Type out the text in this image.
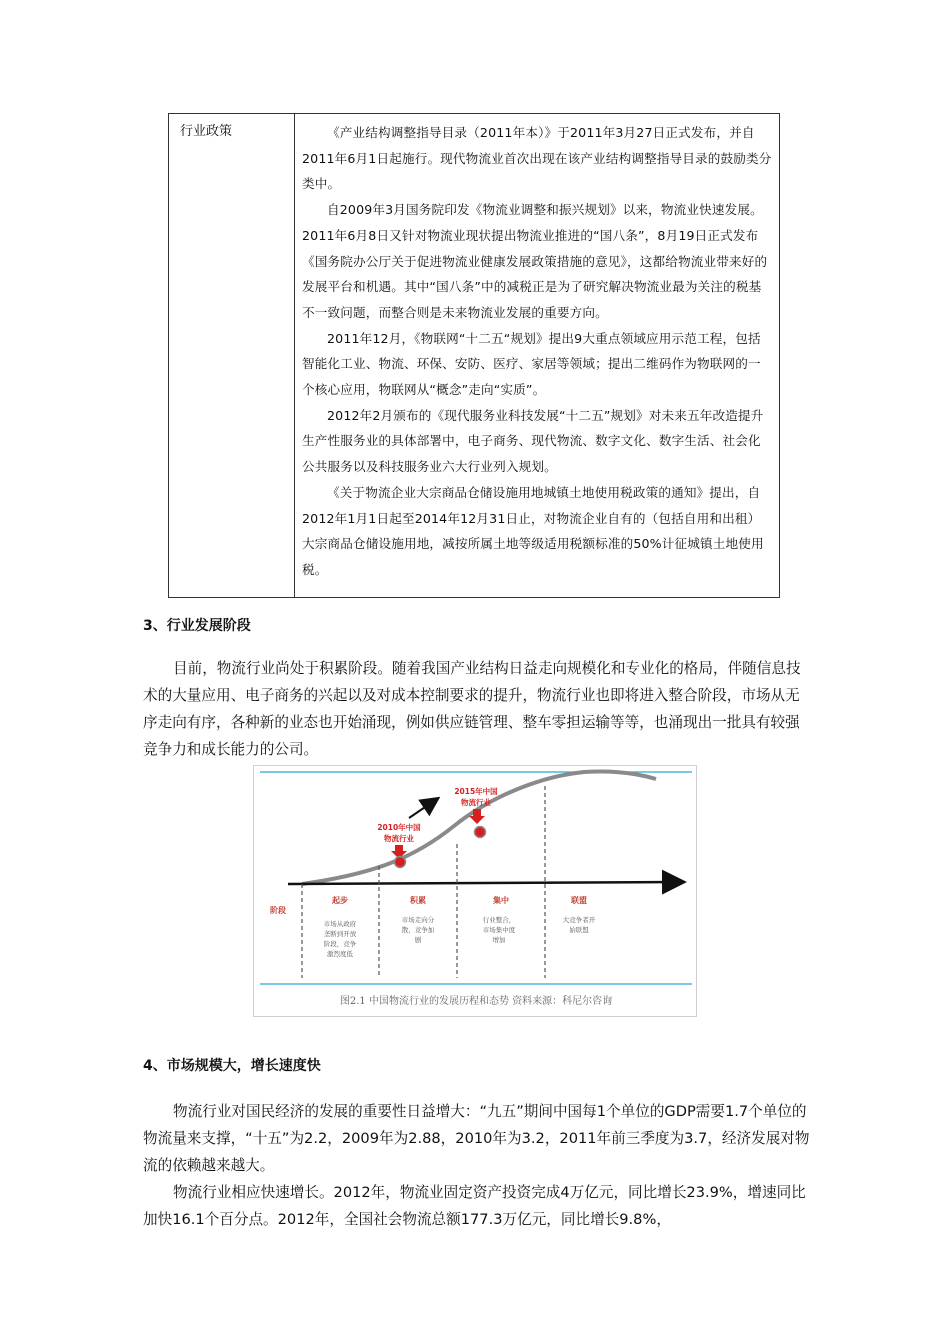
行业政策	《产业结构调整指导目录（2011年本）》于2011年3月27日正式发布，并自2011年6月1日起施行。现代物流业首次出现在该产业结构调整指导目录的鼓励类分类中。

自2009年3月国务院印发《物流业调整和振兴规划》以来，物流业快速发展。2011年6月8日又针对物流业现状提出物流业推进的“国八条”，8月19日正式发布《国务院办公厅关于促进物流业健康发展政策措施的意见》，这都给物流业带来好的发展平台和机遇。其中“国八条”中的减税正是为了研究解决物流业最为关注的税基不一致问题，而整合则是未来物流业发展的重要方向。

2011年12月，《物联网“十二五“规划》提出9大重点领域应用示范工程，包括智能化工业、物流、环保、安防、医疗、家居等领域；提出二维码作为物联网的一个核心应用，物联网从“概念”走向“实质”。

2012年2月颁布的《现代服务业科技发展“十二五”规划》对未来五年改造提升生产性服务业的具体部署中，电子商务、现代物流、数字文化、数字生活、社会化公共服务以及科技服务业六大行业列入规划。

《关于物流企业大宗商品仓储设施用地城镇土地使用税政策的通知》提出，自2012年1月1日起至2014年12月31日止，对物流企业自有的（包括自用和出租）大宗商品仓储设施用地，减按所属土地等级适用税额标准的50%计征城镇土地使用税。

3、行业发展阶段

目前，物流行业尚处于积累阶段。随着我国产业结构日益走向规模化和专业化的格局，伴随信息技术的大量应用、电子商务的兴起以及对成本控制要求的提升，物流行业也即将进入整合阶段，市场从无序走向有序，各种新的业态也开始涌现，例如供应链管理、整车零担运输等等，也涌现出一批具有较强竞争力和成长能力的公司。

2010年中国
物流行业
2015年中国
物流行业
阶段
起步	积累	集中	联盟
市场从政府
垄断到开放
阶段，竞争
激烈度低
市场走向分
散，竞争加
剧
行业整合，
市场集中度
增加
大竞争者开
始联盟
图2.1 中国物流行业的发展历程和态势 资料来源：科尼尔咨询
4、市场规模大，增长速度快

物流行业对国民经济的发展的重要性日益增大：“九五”期间中国每1个单位的GDP需要1.7个单位的物流量来支撑，“十五”为2.2，2009年为2.88，2010年为3.2，2011年前三季度为3.7，经济发展对物流的依赖越来越大。

物流行业相应快速增长。2012年，物流业固定资产投资完成4万亿元，同比增长23.9%，增速同比加快16.1个百分点。2012年，全国社会物流总额177.3万亿元，同比增长9.8%，
